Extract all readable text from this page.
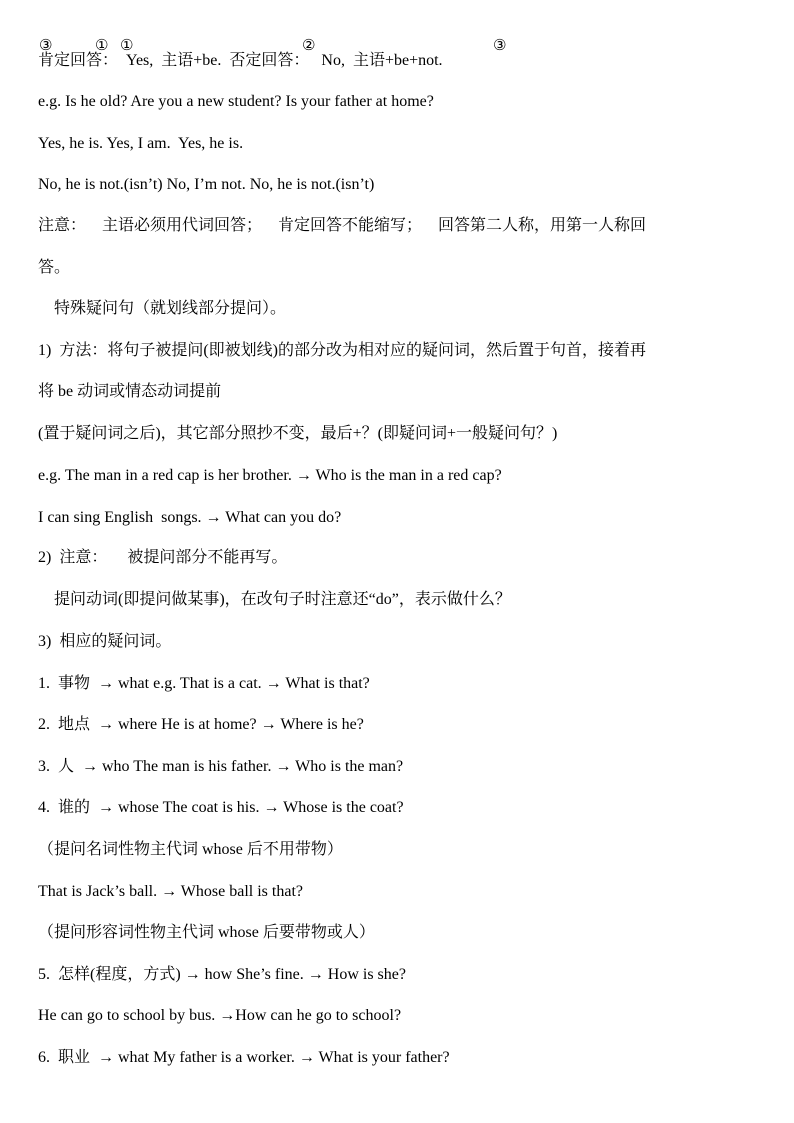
③	① ①	②	③
肯定回答：  Yes,  主语+be.  否定回答：   No,  主语+be+not.
e.g. Is he old? Are you a new student? Is your father at home?
Yes, he is. Yes, I am.  Yes, he is.
No, he is not.(isn’t) No, I’m not. No, he is not.(isn’t)
注意：    主语必须用代词回答；    肯定回答不能缩写；    回答第二人称，用第一人称回
答。
特殊疑问句（就划线部分提问）。
1)  方法：将句子被提问(即被划线)的部分改为相对应的疑问词，然后置于句首，接着再
将 be 动词或情态动词提前
(置于疑问词之后)，其它部分照抄不变，最后+？(即疑问词+一般疑问句？)
e.g. The man in a red cap is her brother. → Who is the man in a red cap?
I can sing English  songs. → What can you do?
2)  注意：     被提问部分不能再写。
提问动词(即提问做某事)，在改句子时注意还“do”，表示做什么？
3)  相应的疑问词。
1.  事物  → what e.g. That is a cat. → What is that?
2.  地点  → where He is at home? → Where is he?
3.  人  → who The man is his father. → Who is the man?
4.  谁的  → whose The coat is his. → Whose is the coat?
（提问名词性物主代词 whose 后不用带物）
That is Jack’s ball. → Whose ball is that?
（提问形容词性物主代词 whose 后要带物或人）
5.  怎样(程度，方式) → how She’s fine. → How is she?
He can go to school by bus. →How can he go to school?
6.  职业  → what My father is a worker. → What is your father?
